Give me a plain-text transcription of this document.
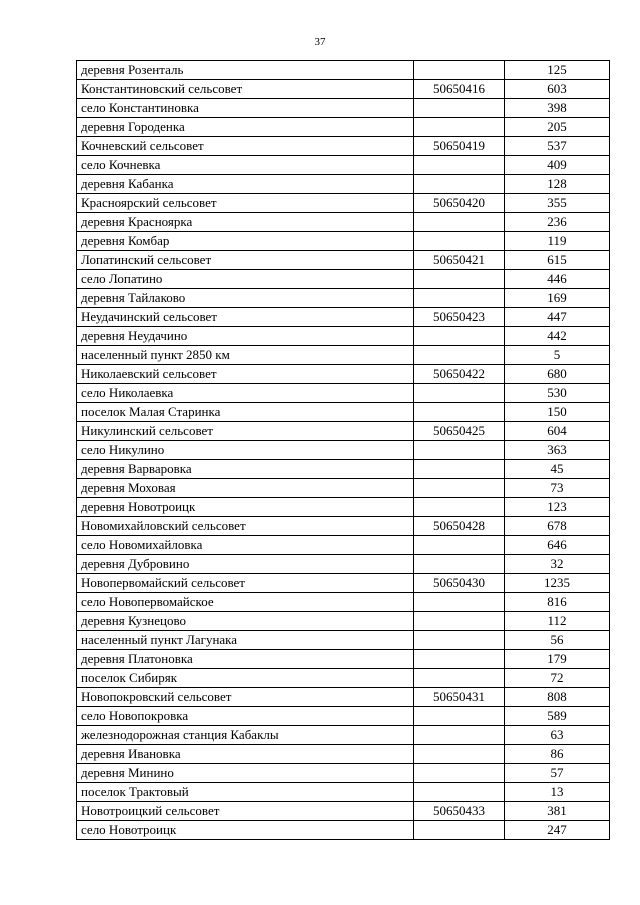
37
деревня Розенталь		125
Константиновский сельсовет	50650416	603
село Константиновка		398
деревня Городенка		205
Кочневский сельсовет	50650419	537
село Кочневка		409
деревня Кабанка		128
Красноярский сельсовет	50650420	355
деревня Красноярка		236
деревня Комбар		119
Лопатинский сельсовет	50650421	615
село Лопатино		446
деревня Тайлаково		169
Неудачинский сельсовет	50650423	447
деревня Неудачино		442
населенный пункт 2850 км		5
Николаевский сельсовет	50650422	680
село Николаевка		530
поселок Малая Старинка		150
Никулинский сельсовет	50650425	604
село Никулино		363
деревня Варваровка		45
деревня Моховая		73
деревня Новотроицк		123
Новомихайловский сельсовет	50650428	678
село Новомихайловка		646
деревня Дубровино		32
Новопервомайский сельсовет	50650430	1235
село Новопервомайское		816
деревня Кузнецово		112
населенный пункт Лагунака		56
деревня Платоновка		179
поселок Сибиряк		72
Новопокровский сельсовет	50650431	808
село Новопокровка		589
железнодорожная станция Кабаклы		63
деревня Ивановка		86
деревня Минино		57
поселок Трактовый		13
Новотроицкий сельсовет	50650433	381
село Новотроицк		247
